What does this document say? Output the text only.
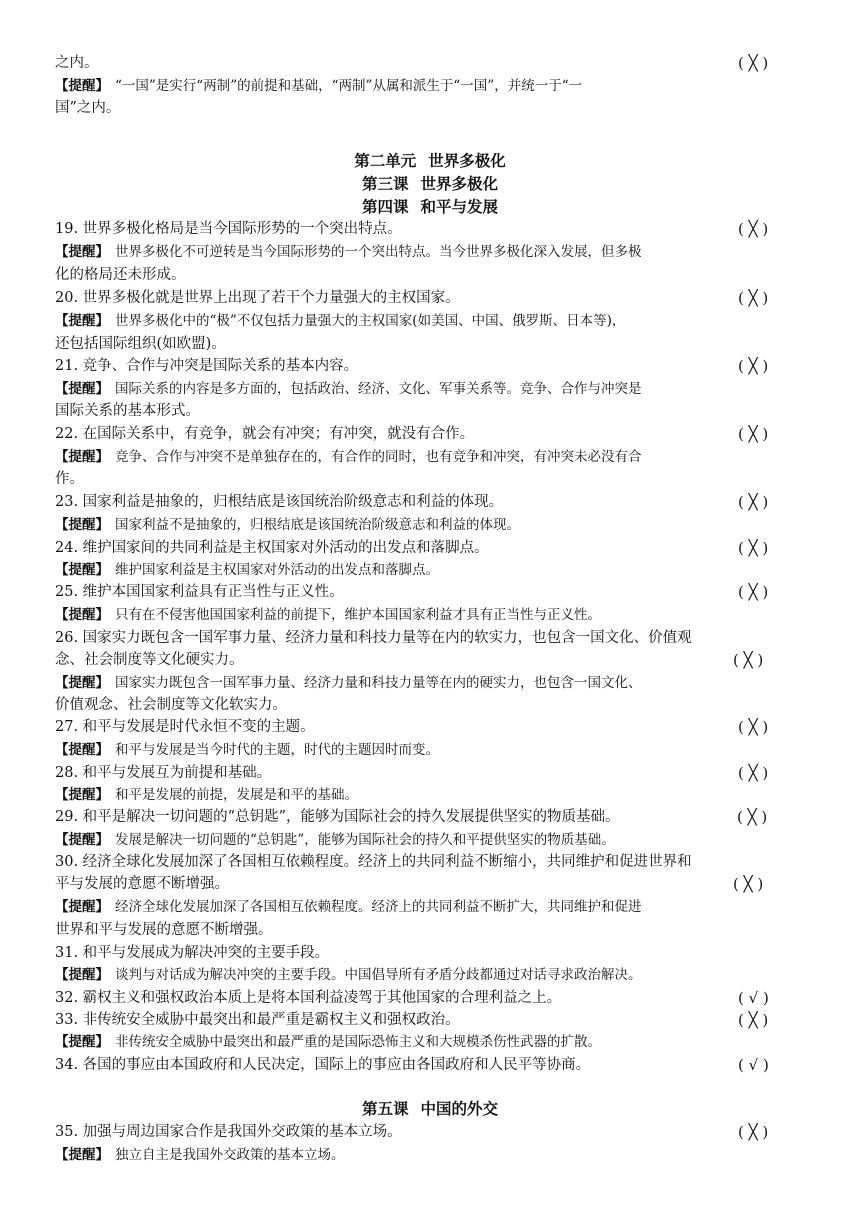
之内。	( ╳ )
【提醒】 “一国”是实行“两制”的前提和基础，“两制”从属和派生于“一国”，并统一于“一
国”之内。
19. 世界多极化格局是当今国际形势的一个突出特点。	( ╳ )
【提醒】 世界多极化不可逆转是当今国际形势的一个突出特点。当今世界多极化深入发展，但多极
化的格局还未形成。
20. 世界多极化就是世界上出现了若干个力量强大的主权国家。	( ╳ )
【提醒】 世界多极化中的“极”不仅包括力量强大的主权国家(如美国、中国、俄罗斯、日本等)，
还包括国际组织(如欧盟)。
21. 竞争、合作与冲突是国际关系的基本内容。	( ╳ )
【提醒】 国际关系的内容是多方面的，包括政治、经济、文化、军事关系等。竞争、合作与冲突是
国际关系的基本形式。
22. 在国际关系中，有竞争，就会有冲突；有冲突，就没有合作。	( ╳ )
【提醒】 竞争、合作与冲突不是单独存在的，有合作的同时，也有竞争和冲突，有冲突未必没有合
作。
23. 国家利益是抽象的，归根结底是该国统治阶级意志和利益的体现。	( ╳ )
【提醒】 国家利益不是抽象的，归根结底是该国统治阶级意志和利益的体现。
24. 维护国家间的共同利益是主权国家对外活动的出发点和落脚点。	( ╳ )
【提醒】 维护国家利益是主权国家对外活动的出发点和落脚点。
25. 维护本国国家利益具有正当性与正义性。	( ╳ )
【提醒】 只有在不侵害他国国家利益的前提下，维护本国国家利益才具有正当性与正义性。
26. 国家实力既包含一国军事力量、经济力量和科技力量等在内的软实力，也包含一国文化、价值观
念、社会制度等文化硬实力。	( ╳ )
【提醒】 国家实力既包含一国军事力量、经济力量和科技力量等在内的硬实力，也包含一国文化、
价值观念、社会制度等文化软实力。
27. 和平与发展是时代永恒不变的主题。	( ╳ )
【提醒】 和平与发展是当今时代的主题，时代的主题因时而变。
28. 和平与发展互为前提和基础。	( ╳ )
【提醒】 和平是发展的前提，发展是和平的基础。
29. 和平是解决一切问题的“总钥匙”，能够为国际社会的持久发展提供坚实的物质基础。	( ╳ )
【提醒】 发展是解决一切问题的“总钥匙”，能够为国际社会的持久和平提供坚实的物质基础。
30. 经济全球化发展加深了各国相互依赖程度。经济上的共同利益不断缩小，共同维护和促进世界和
平与发展的意愿不断增强。	( ╳ )
【提醒】 经济全球化发展加深了各国相互依赖程度。经济上的共同利益不断扩大，共同维护和促进
世界和平与发展的意愿不断增强。
31. 和平与发展成为解决冲突的主要手段。
【提醒】 谈判与对话成为解决冲突的主要手段。中国倡导所有矛盾分歧都通过对话寻求政治解决。
32. 霸权主义和强权政治本质上是将本国利益凌驾于其他国家的合理利益之上。	( √ )
33. 非传统安全威胁中最突出和最严重是霸权主义和强权政治。	( ╳ )
【提醒】 非传统安全威胁中最突出和最严重的是国际恐怖主义和大规模杀伤性武器的扩散。
34. 各国的事应由本国政府和人民决定，国际上的事应由各国政府和人民平等协商。	( √ )
35. 加强与周边国家合作是我国外交政策的基本立场。	( ╳ )
【提醒】 独立自主是我国外交政策的基本立场。
第二单元 世界多极化
第三课 世界多极化
第四课 和平与发展
第五课 中国的外交
